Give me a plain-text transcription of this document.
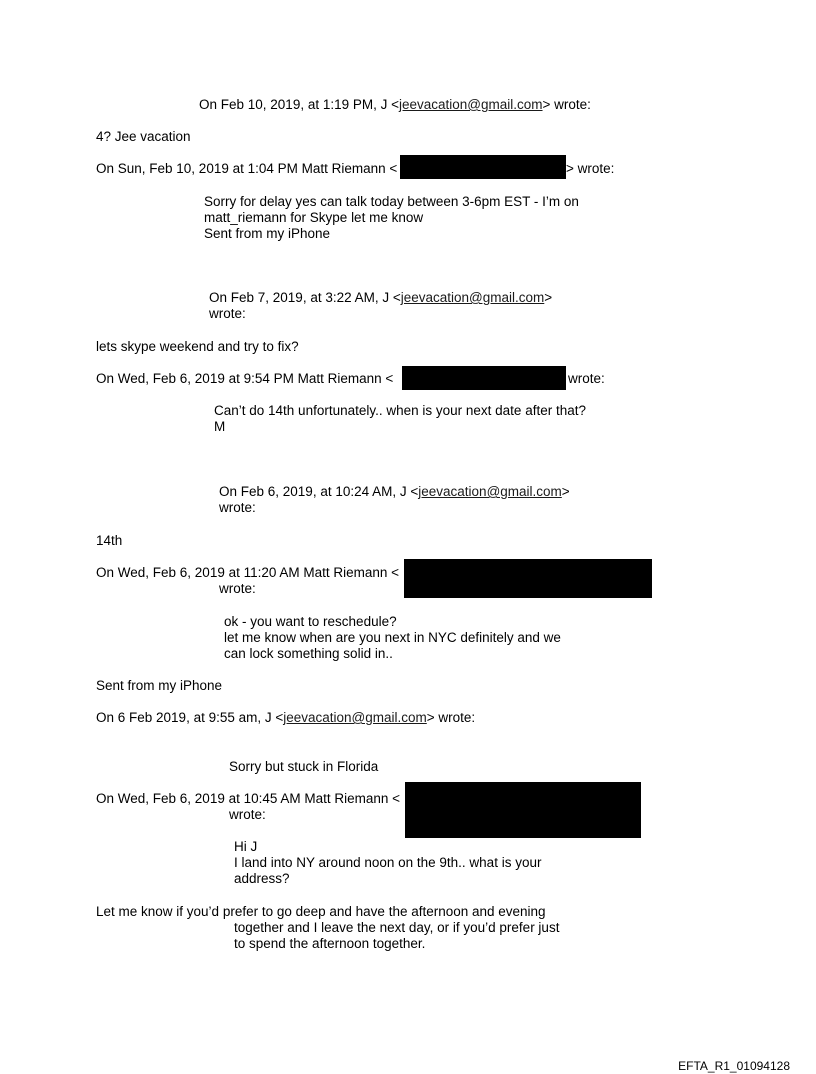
On Feb 10, 2019, at 1:19 PM, J <jeevacation@gmail.com> wrote:
4? Jee vacation
On Sun, Feb 10, 2019 at 1:04 PM Matt Riemann <	> wrote:
Sorry for delay yes can talk today between 3-6pm EST - I’m on
matt_riemann for Skype let me know
Sent from my iPhone
On Feb 7, 2019, at 3:22 AM, J <jeevacation@gmail.com>
wrote:
lets skype weekend and try to fix?
On Wed, Feb 6, 2019 at 9:54 PM Matt Riemann <	wrote:
Can’t do 14th unfortunately.. when is your next date after that?
M
On Feb 6, 2019, at 10:24 AM, J <jeevacation@gmail.com>
wrote:
14th
On Wed, Feb 6, 2019 at 11:20 AM Matt Riemann <
wrote:
ok - you want to reschedule?
let me know when are you next in NYC definitely and we
can lock something solid in..
Sent from my iPhone
On 6 Feb 2019, at 9:55 am, J <jeevacation@gmail.com> wrote:
Sorry but stuck in Florida
On Wed, Feb 6, 2019 at 10:45 AM Matt Riemann <
wrote:
Hi J
I land into NY around noon on the 9th.. what is your
address?
Let me know if you’d prefer to go deep and have the afternoon and evening
together and I leave the next day, or if you’d prefer just
to spend the afternoon together.
EFTA_R1_01094128
